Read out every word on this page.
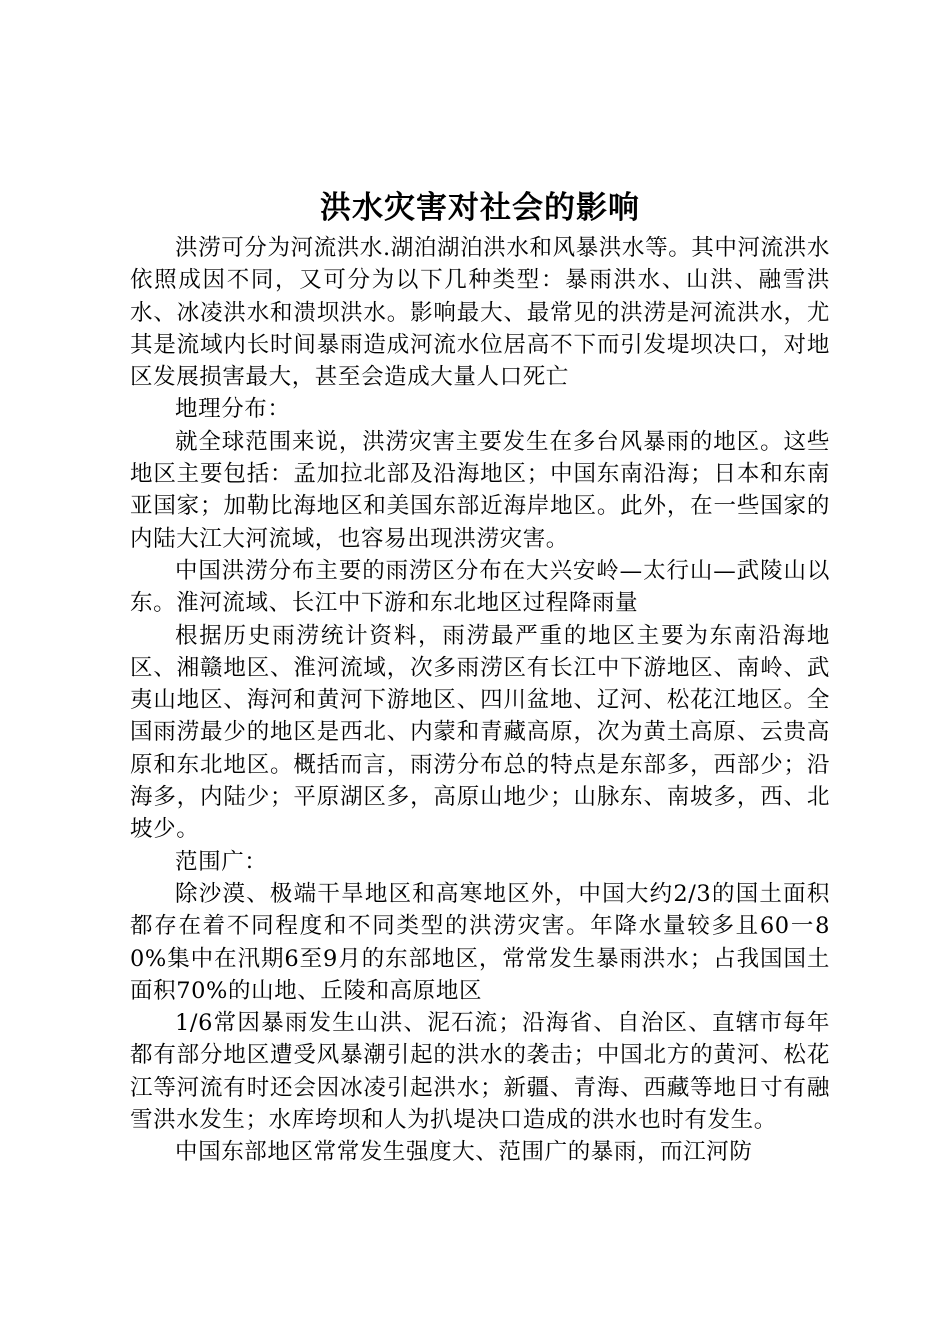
洪水灾害对社会的影响

洪涝可分为河流洪水.湖泊湖泊洪水和风暴洪水等。其中河流洪水依照成因不同，又可分为以下几种类型：暴雨洪水、山洪、融雪洪水、冰凌洪水和溃坝洪水。影响最大、最常见的洪涝是河流洪水，尤其是流域内长时间暴雨造成河流水位居高不下而引发堤坝决口，对地区发展损害最大，甚至会造成大量人口死亡

地理分布：

就全球范围来说，洪涝灾害主要发生在多台风暴雨的地区。这些地区主要包括：孟加拉北部及沿海地区；中国东南沿海；日本和东南亚国家；加勒比海地区和美国东部近海岸地区。此外，在一些国家的内陆大江大河流域，也容易出现洪涝灾害。

中国洪涝分布主要的雨涝区分布在大兴安岭—太行山—武陵山以东。淮河流域、长江中下游和东北地区过程降雨量

根据历史雨涝统计资料，雨涝最严重的地区主要为东南沿海地区、湘赣地区、淮河流域，次多雨涝区有长江中下游地区、南岭、武夷山地区、海河和黄河下游地区、四川盆地、辽河、松花江地区。全国雨涝最少的地区是西北、内蒙和青藏高原，次为黄土高原、云贵高原和东北地区。概括而言，雨涝分布总的特点是东部多，西部少；沿海多，内陆少；平原湖区多，高原山地少；山脉东、南坡多，西、北坡少。

范围广：

除沙漠、极端干旱地区和高寒地区外，中国大约2/3的国土面积都存在着不同程度和不同类型的洪涝灾害。年降水量较多且60一80%集中在汛期6至9月的东部地区，常常发生暴雨洪水；占我国国土面积70%的山地、丘陵和高原地区

1/6常因暴雨发生山洪、泥石流；沿海省、自治区、直辖市每年都有部分地区遭受风暴潮引起的洪水的袭击；中国北方的黄河、松花江等河流有时还会因冰凌引起洪水；新疆、青海、西藏等地日寸有融雪洪水发生；水库垮坝和人为扒堤决口造成的洪水也时有发生。

中国东部地区常常发生强度大、范围广的暴雨，而江河防
